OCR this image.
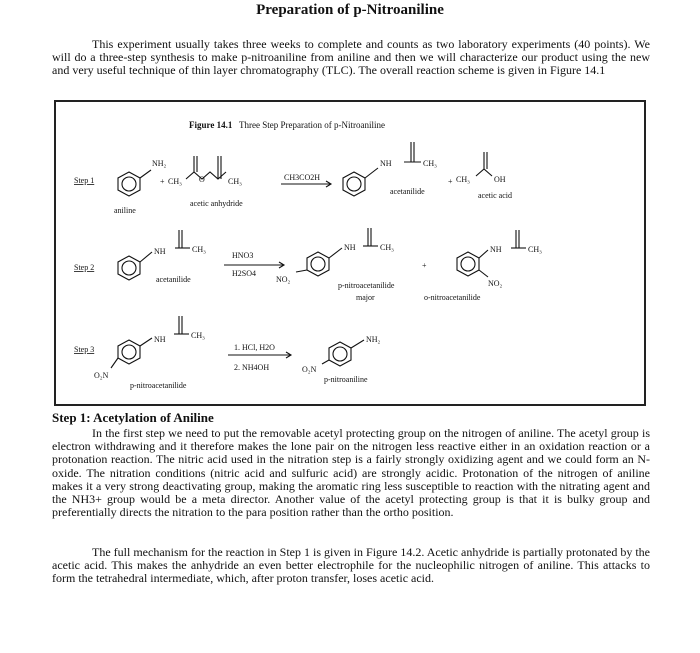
Preparation of p-Nitroaniline

This experiment usually takes three weeks to complete and counts as two laboratory experiments (40 points). We will do a three-step synthesis to make p-nitroaniline from aniline and then we will characterize our product using the new and very useful technique of thin layer chromatography (TLC). The overall reaction scheme is given in Figure 14.1

Figure 14.1 Three Step Preparation of p-Nitroaniline
NH₂
CH₃	CH₃
O
NH	CH₃
CH₃	OH
NH	CH₃
NO₂
NH	CH₃	NH	CH₃
NO₂
NH	CH₃
O₂N
O₂N
NH₂
Step 1	+	CH3CO2H	+
aniline
acetic anhydride
acetanilide	acetic acid
Step 2
HNO3
H2SO4
+
acetanilide
p-nitroacetanilide
major	o-nitroacetanilide
Step 3	1. HCl, H2O
2. NH4OH
p-nitroacetanilide
p-nitroaniline
Step 1: Acetylation of Aniline

In the first step we need to put the removable acetyl protecting group on the nitrogen of aniline. The acetyl group is electron withdrawing and it therefore makes the lone pair on the nitrogen less reactive either in an oxidation reaction or a protonation reaction. The nitric acid used in the nitration step is a fairly strongly oxidizing agent and we could form an N-oxide. The nitration conditions (nitric acid and sulfuric acid) are strongly acidic. Protonation of the nitrogen of aniline makes it a very strong deactivating group, making the aromatic ring less susceptible to reaction with the nitrating agent and the NH3+ group would be a meta director. Another value of the acetyl protecting group is that it is bulky group and preferentially directs the nitration to the para position rather than the ortho position.

The full mechanism for the reaction in Step 1 is given in Figure 14.2. Acetic anhydride is partially protonated by the acetic acid. This makes the anhydride an even better electrophile for the nucleophilic nitrogen of aniline. This attacks to form the tetrahedral intermediate, which, after proton transfer, loses acetic acid.
